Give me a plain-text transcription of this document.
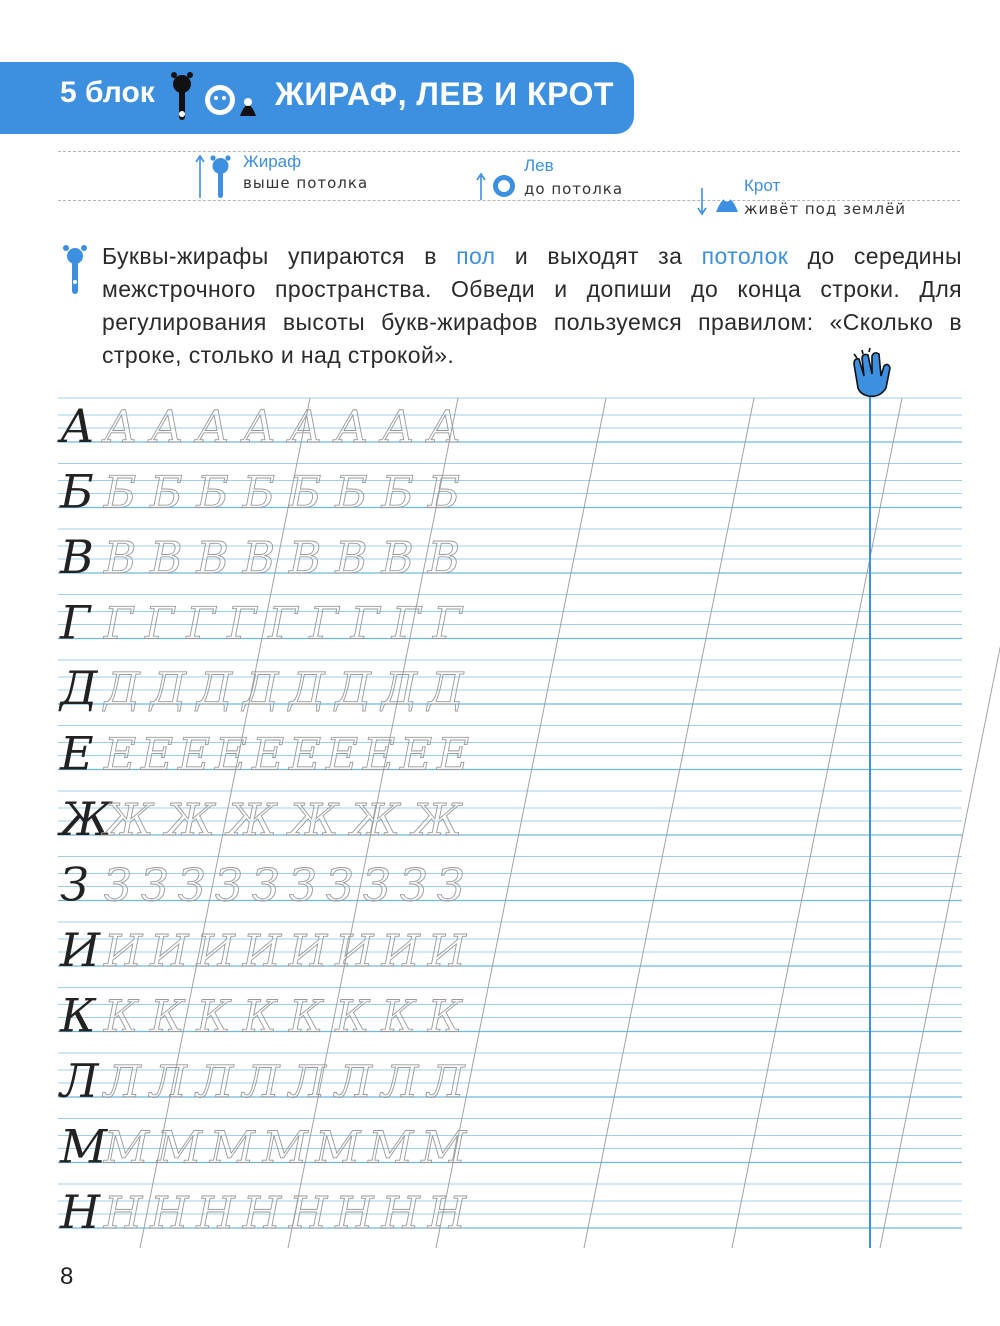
5 блок	ЖИРАФ, ЛЕВ И КРОТ
Жираф
выше потолка
Лев
до потолка	Крот
живёт под землёй
Буквы-жирафы упираются в пол и выходят за потолок до середины межстрочного пространства. Обведи и допиши до конца строки. Для регулирования высоты букв-жирафов пользуемся правилом: «Сколько в строке, столько и над строкой».
А А А А А А А А А
Б Б Б Б Б Б Б Б Б
В В В В В В В В В
Г Г Г Г Г Г Г Г Г Г
Д Д Д Д Д Д Д Д Д
Е Е Е Е Е Е Е Е Е Е Е
Ж
Ж Ж Ж Ж Ж Ж
З З З З З З З З З З З
И И И И И И И И И
К К К К К К К К К
Л Л Л Л Л Л Л Л Л
М
М М М М М М М
Н Н Н Н Н Н Н Н Н
8
